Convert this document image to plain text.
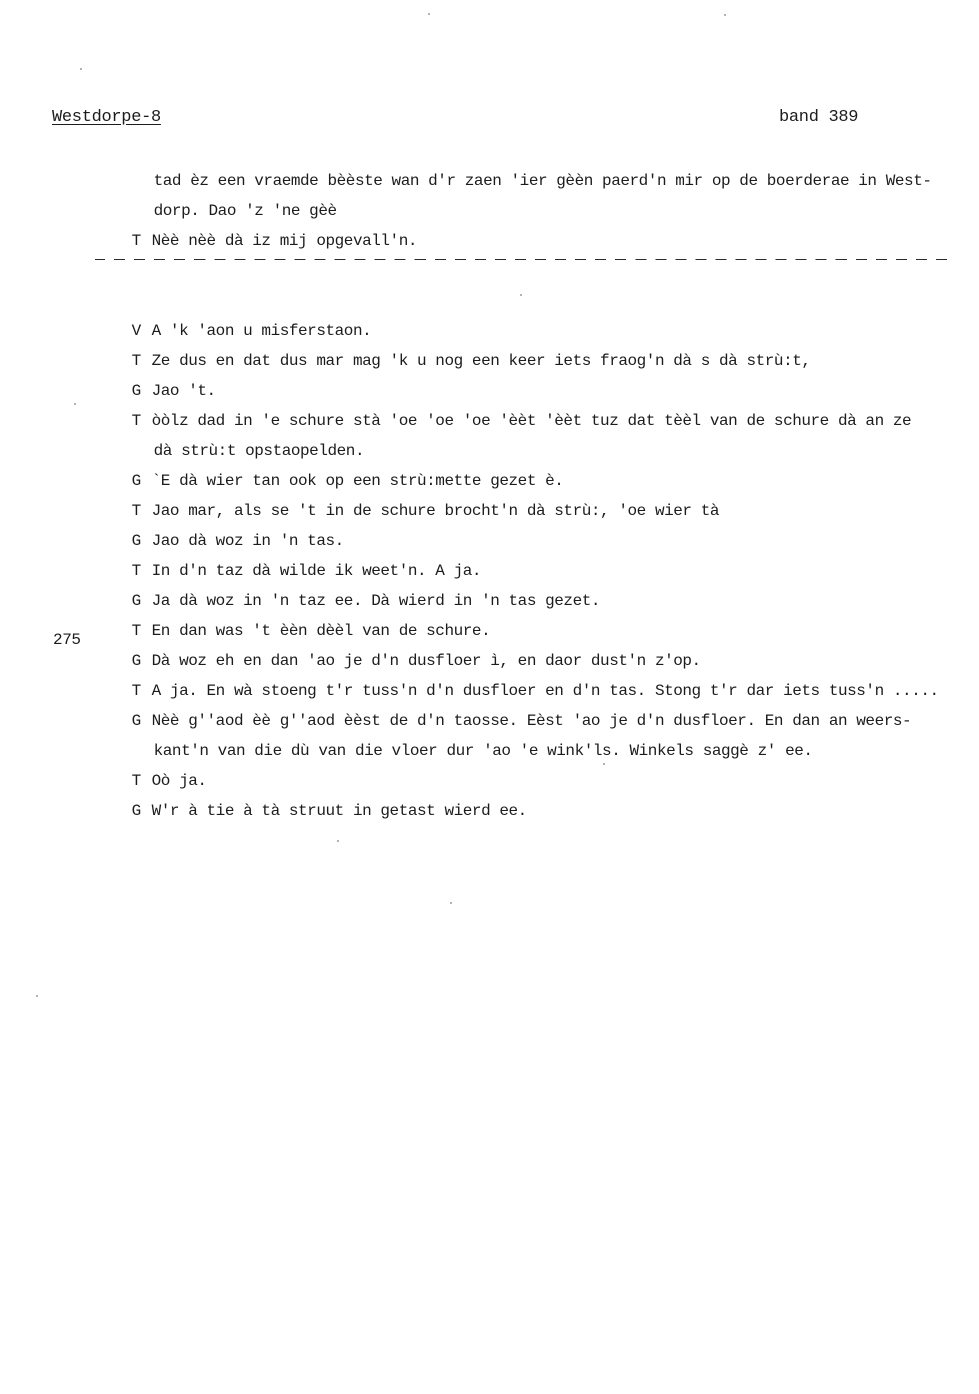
Westdorpe-8	band 389

tad èz een vraemde bèèste wan d'r zaen 'ier gèèn paerd'n mir op de boerderae in West-

dorp. Dao 'z 'ne gèè

T Nèè nèè dà iz mij opgevall'n.

V A 'k 'aon u misferstaon.

T Ze dus en dat dus mar mag 'k u nog een keer iets fraog'n dà s dà strù:t,

G Jao 't.

T òòlz dad in 'e schure stà 'oe 'oe 'oe 'èèt 'èèt tuz dat tèèl van de schure dà an ze

dà strù:t opstaopelden.

G `E dà wier tan ook op een strù:mette gezet è.

T Jao mar, als se 't in de schure brocht'n dà strù:, 'oe wier tà

G Jao dà woz in 'n tas.

T In d'n taz dà wilde ik weet'n. A ja.

G Ja dà woz in 'n taz ee. Dà wierd in 'n tas gezet.

T En dan was 't èèn dèèl van de schure.

275

G Dà woz eh en dan 'ao je d'n dusfloer ì, en daor dust'n z'op.

T A ja. En wà stoeng t'r tuss'n d'n dusfloer en d'n tas. Stong t'r dar iets tuss'n .....

G Nèè g''aod èè g''aod èèst de d'n taosse. Eèst 'ao je d'n dusfloer. En dan an weers-

kant'n van die dù van die vloer dur 'ao 'e wink'ls. Winkels saggè z' ee.

T Oò ja.

G W'r à tie à tà struut in getast wierd ee.
